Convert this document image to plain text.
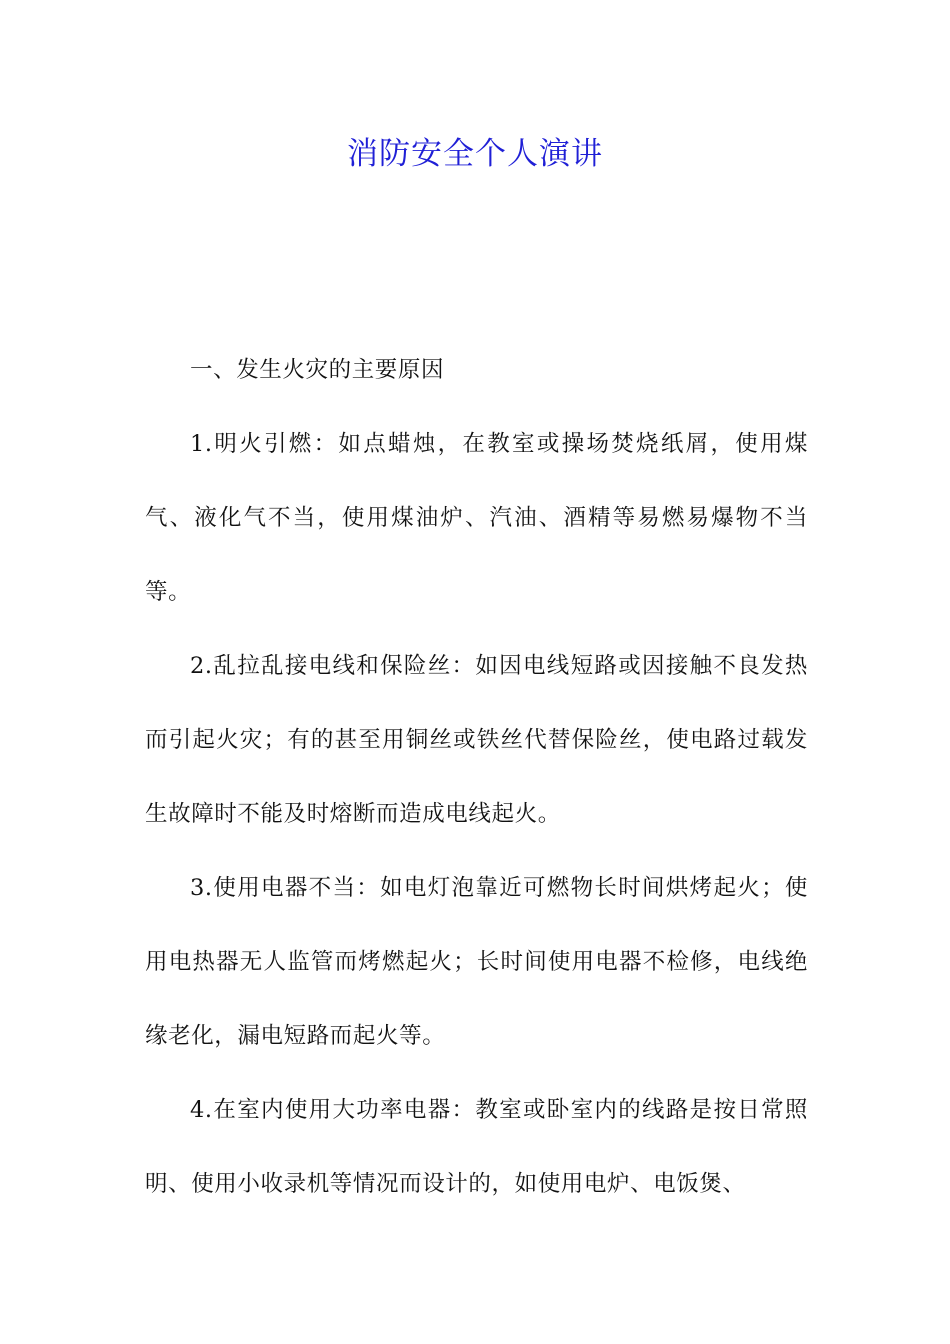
消防安全个人演讲

一、发生火灾的主要原因

1.明火引燃：如点蜡烛，在教室或操场焚烧纸屑，使用煤气、液化气不当，使用煤油炉、汽油、酒精等易燃易爆物不当等。

2.乱拉乱接电线和保险丝：如因电线短路或因接触不良发热而引起火灾；有的甚至用铜丝或铁丝代替保险丝，使电路过载发生故障时不能及时熔断而造成电线起火。

3.使用电器不当：如电灯泡靠近可燃物长时间烘烤起火；使用电热器无人监管而烤燃起火；长时间使用电器不检修，电线绝缘老化，漏电短路而起火等。

4.在室内使用大功率电器：教室或卧室内的线路是按日常照明、使用小收录机等情况而设计的，如使用电炉、电饭煲、
